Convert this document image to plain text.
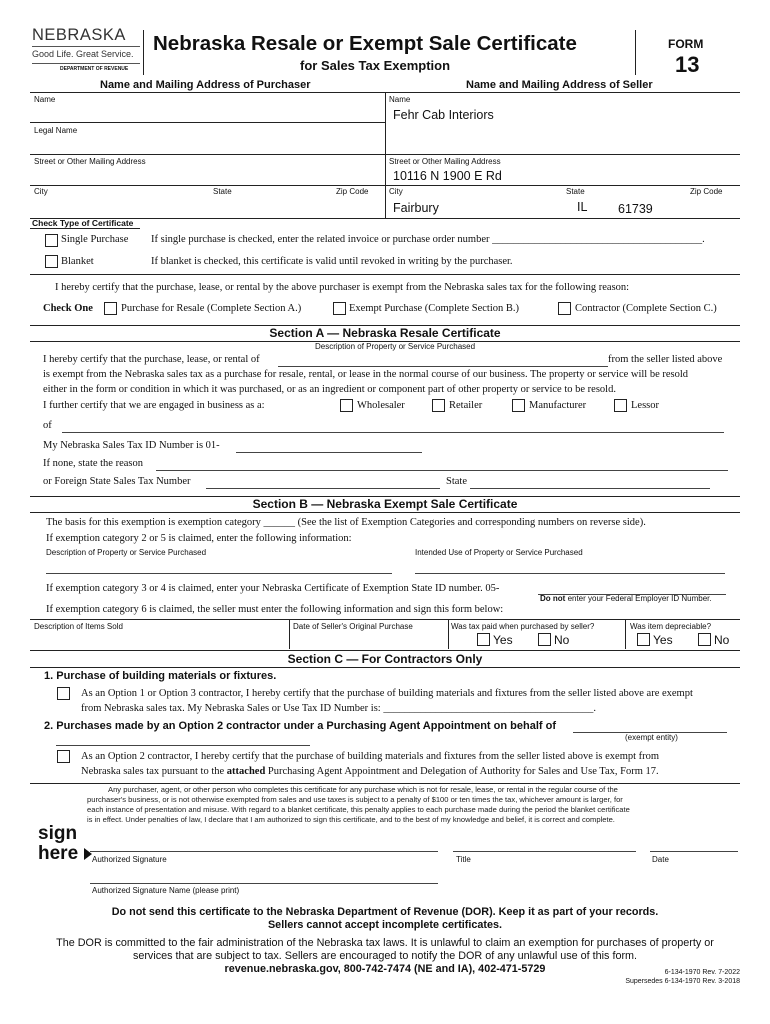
NEBRASKA
Good Life. Great Service.
DEPARTMENT OF REVENUE
Nebraska Resale or Exempt Sale Certificate
for Sales Tax Exemption
FORM
13
Name and Mailing Address of Purchaser	Name and Mailing Address of Seller
Name
Legal Name
Street or Other Mailing Address
City	State	Zip Code
Name
Fehr Cab Interiors
Street or Other Mailing Address
10116 N 1900 E Rd
City
Fairbury
State
IL
Zip Code
61739
Check Type of Certificate
Single Purchase If single purchase is checked, enter the related invoice or purchase order number ________________________________________.
Blanket	If blanket is checked, this certificate is valid until revoked in writing by the purchaser.
I hereby certify that the purchase, lease, or rental by the above purchaser is exempt from the Nebraska sales tax for the following reason:
Check One	Purchase for Resale (Complete Section A.)	Exempt Purchase (Complete Section B.)	Contractor (Complete Section C.)
Section A — Nebraska Resale Certificate
Description of Property or Service Purchased
I hereby certify that the purchase, lease, or rental of	from the seller listed above
is exempt from the Nebraska sales tax as a purchase for resale, rental, or lease in the normal course of our business. The property or service will be resold
either in the form or condition in which it was purchased, or as an ingredient or component part of other property or service to be resold.
I further certify that we are engaged in business as a:	Wholesaler	Retailer	Manufacturer	Lessor
of
My Nebraska Sales Tax ID Number is 01-
If none, state the reason
or Foreign State Sales Tax Number	State
Section B — Nebraska Exempt Sale Certificate
The basis for this exemption is exemption category ______ (See the list of Exemption Categories and corresponding numbers on reverse side).
If exemption category 2 or 5 is claimed, enter the following information:
Description of Property or Service Purchased	Intended Use of Property or Service Purchased
If exemption category 3 or 4 is claimed, enter your Nebraska Certificate of Exemption State ID number. 05-
Do not enter your Federal Employer ID Number.
If exemption category 6 is claimed, the seller must enter the following information and sign this form below:
Description of Items Sold	Date of Seller's Original Purchase	Was tax paid when purchased by seller?
Yes	No
Was item depreciable?
Yes	No
Section C — For Contractors Only
1. Purchase of building materials or fixtures.
As an Option 1 or Option 3 contractor, I hereby certify that the purchase of building materials and fixtures from the seller listed above are exempt
from Nebraska sales tax. My Nebraska Sales or Use Tax ID Number is: ________________________________________.
2. Purchases made by an Option 2 contractor under a Purchasing Agent Appointment on behalf of
(exempt entity)
As an Option 2 contractor, I hereby certify that the purchase of building materials and fixtures from the seller listed above is exempt from
Nebraska sales tax pursuant to the attached Purchasing Agent Appointment and Delegation of Authority for Sales and Use Tax, Form 17.
Any purchaser, agent, or other person who completes this certificate for any purchase which is not for resale, lease, or rental in the regular course of the
purchaser's business, or is not otherwise exempted from sales and use taxes is subject to a penalty of $100 or ten times the tax, whichever amount is larger, for
each instance of presentation and misuse. With regard to a blanket certificate, this penalty applies to each purchase made during the period the blanket certificate
is in effect. Under penalties of law, I declare that I am authorized to sign this certificate, and to the best of my knowledge and belief, it is correct and complete.
sign
here Authorized Signature	Title	Date
Authorized Signature Name (please print)
Do not send this certificate to the Nebraska Department of Revenue (DOR). Keep it as part of your records.
Sellers cannot accept incomplete certificates.
The DOR is committed to the fair administration of the Nebraska tax laws. It is unlawful to claim an exemption for purchases of property or
services that are subject to tax. Sellers are encouraged to notify the DOR of any unlawful use of this form.
revenue.nebraska.gov, 800-742-7474 (NE and IA), 402-471-5729	6-134-1970 Rev. 7-2022
Supersedes 6-134-1970 Rev. 3-2018
